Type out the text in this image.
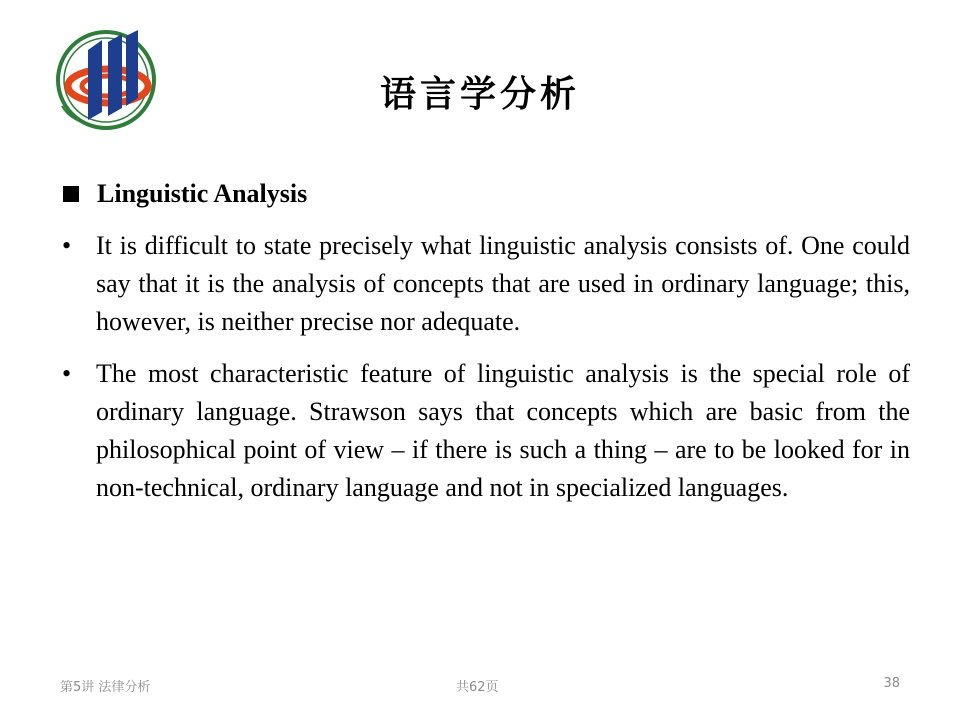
语言学分析
Linguistic Analysis
• It is difficult to state precisely what linguistic analysis consists of. One could say that it is the analysis of concepts that are used in ordinary language; this, however, is neither precise nor adequate.
• The most characteristic feature of linguistic analysis is the special role of ordinary language. Strawson says that concepts which are basic from the philosophical point of view – if there is such a thing – are to be looked for in non-technical, ordinary language and not in specialized languages.
第5讲 法律分析	共62页	38
